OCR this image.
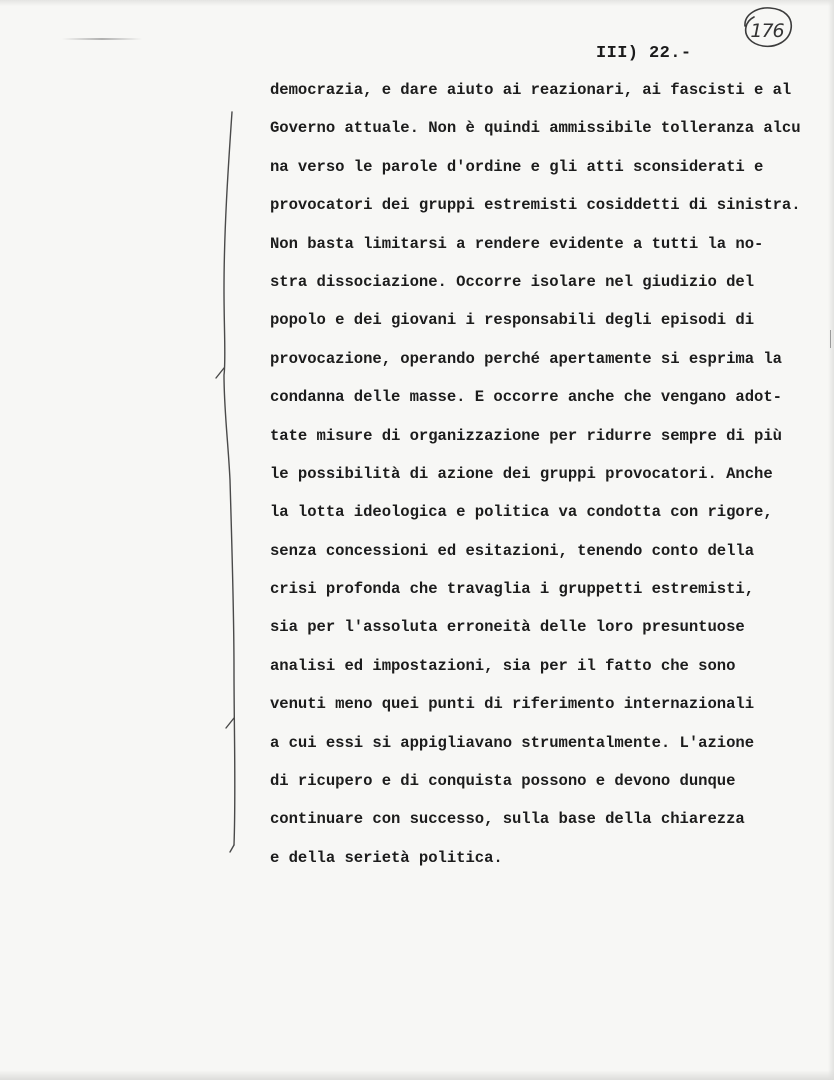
176
III) 22.-
democrazia, e dare aiuto ai reazionari, ai fascisti e al
Governo attuale. Non è quindi ammissibile tolleranza alcu
na verso le parole d'ordine e gli atti sconsiderati e
provocatori dei gruppi estremisti cosiddetti di sinistra.
Non basta limitarsi a rendere evidente a tutti la no-
stra dissociazione. Occorre isolare nel giudizio del
popolo e dei giovani i responsabili degli episodi di
provocazione, operando perché apertamente si esprima la
condanna delle masse. E occorre anche che vengano adot-
tate misure di organizzazione per ridurre sempre di più
le possibilità di azione dei gruppi provocatori. Anche
la lotta ideologica e politica va condotta con rigore,
senza concessioni ed esitazioni, tenendo conto della
crisi profonda che travaglia i gruppetti estremisti,
sia per l'assoluta erroneità delle loro presuntuose
analisi ed impostazioni, sia per il fatto che sono
venuti meno quei punti di riferimento internazionali
a cui essi si appigliavano strumentalmente. L'azione
di ricupero e di conquista possono e devono dunque
continuare con successo, sulla base della chiarezza
e della serietà politica.
